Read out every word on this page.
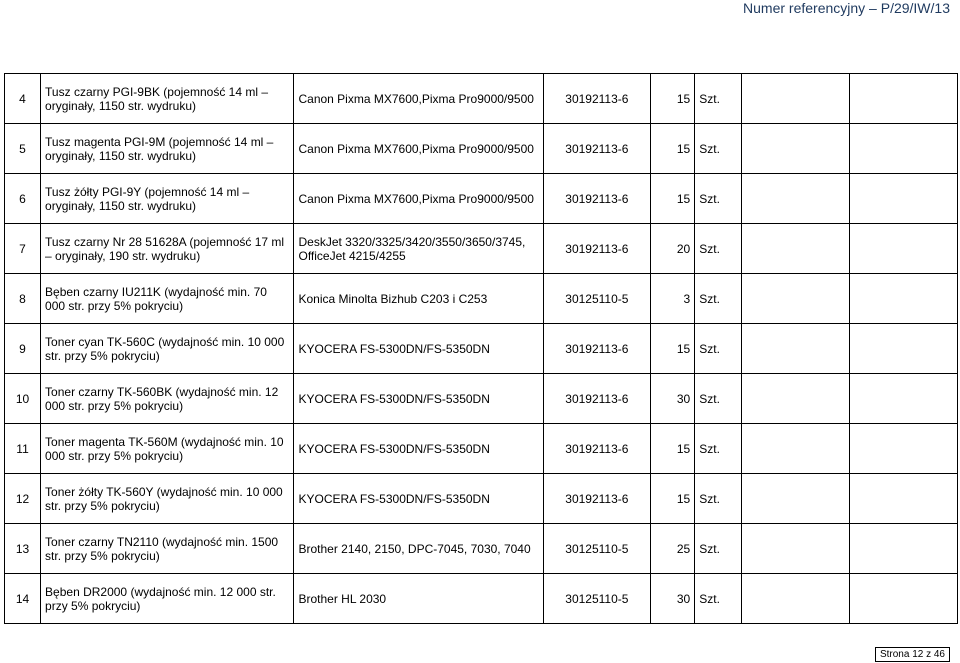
Numer referencyjny – P/29/IW/13
4	Tusz czarny PGI-9BK (pojemność 14 ml – oryginały, 1150 str. wydruku)	Canon Pixma MX7600,Pixma Pro9000/9500	30192113-6	15	Szt.		
5	Tusz magenta PGI-9M (pojemność 14 ml – oryginały, 1150 str. wydruku)	Canon Pixma MX7600,Pixma Pro9000/9500	30192113-6	15	Szt.		
6	Tusz żółty PGI-9Y (pojemność 14 ml – oryginały, 1150 str. wydruku)	Canon Pixma MX7600,Pixma Pro9000/9500	30192113-6	15	Szt.		
7	Tusz czarny Nr 28 51628A (pojemność 17 ml – oryginały, 190 str. wydruku)	DeskJet 3320/3325/3420/3550/3650/3745, OfficeJet 4215/4255	30192113-6	20	Szt.		
8	Bęben czarny IU211K (wydajność min. 70 000 str. przy 5% pokryciu)	Konica Minolta Bizhub C203 i C253	30125110-5	3	Szt.		
9	Toner cyan TK-560C (wydajność min. 10 000 str. przy 5% pokryciu)	KYOCERA FS-5300DN/FS-5350DN	30192113-6	15	Szt.		
10	Toner czarny TK-560BK (wydajność min. 12 000 str. przy 5% pokryciu)	KYOCERA FS-5300DN/FS-5350DN	30192113-6	30	Szt.		
11	Toner magenta TK-560M (wydajność min. 10 000 str. przy 5% pokryciu)	KYOCERA FS-5300DN/FS-5350DN	30192113-6	15	Szt.		
12	Toner żółty TK-560Y (wydajność min. 10 000 str. przy 5% pokryciu)	KYOCERA FS-5300DN/FS-5350DN	30192113-6	15	Szt.		
13	Toner czarny TN2110 (wydajność min. 1500 str. przy 5% pokryciu)	Brother 2140, 2150, DPC-7045, 7030, 7040	30125110-5	25	Szt.		
14	Bęben DR2000 (wydajność min. 12 000 str. przy 5% pokryciu)	Brother HL 2030	30125110-5	30	Szt.		
Strona 12 z 46
